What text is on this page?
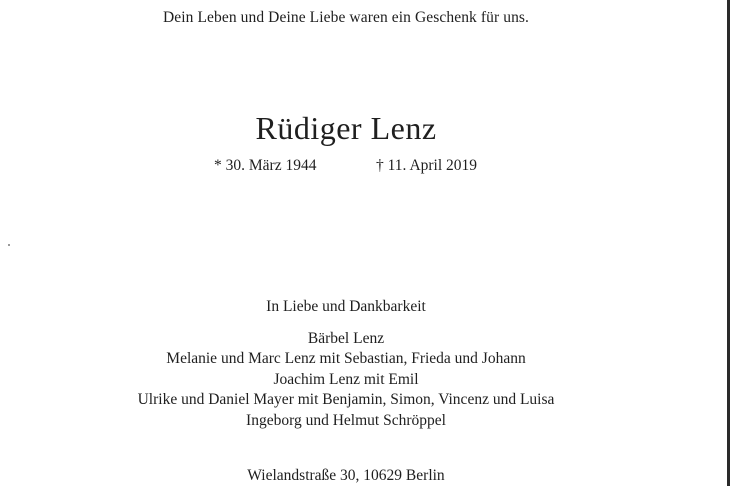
Dein Leben und Deine Liebe waren ein Geschenk für uns.
Rüdiger Lenz
* 30. März 1944	† 11. April 2019
In Liebe und Dankbarkeit
Bärbel Lenz
Melanie und Marc Lenz mit Sebastian, Frieda und Johann
Joachim Lenz mit Emil
Ulrike und Daniel Mayer mit Benjamin, Simon, Vincenz und Luisa
Ingeborg und Helmut Schröppel
Wielandstraße 30, 10629 Berlin
